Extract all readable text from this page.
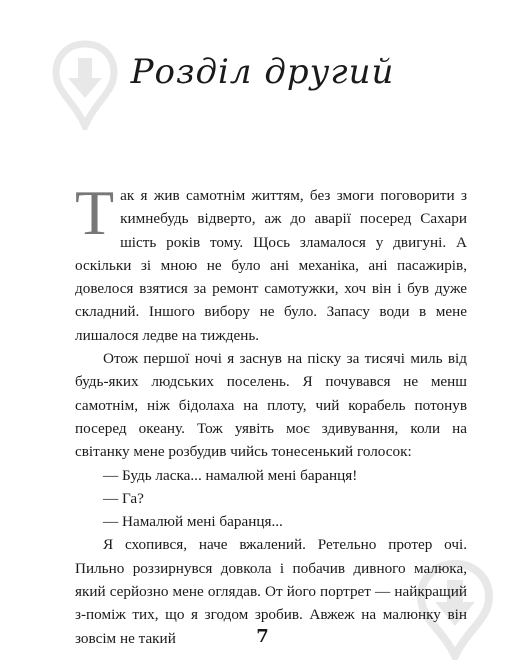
Розділ другий

Так я жив самотнім життям, без змоги поговорити з кимнебудь відверто, аж до аварії посеред Сахари шість років тому. Щось зламалося у двигуні. А оскільки зі мною не було ані механіка, ані пасажирів, довелося взятися за ремонт самотужки, хоч він і був дуже складний. Іншого вибору не було. Запасу води в мене лишалося ледве на тиждень.

Отож першої ночі я заснув на піску за тисячі миль від будь-яких людських поселень. Я почувався не менш самотнім, ніж бідолаха на плоту, чий корабель потонув посеред океану. Тож уявіть моє здивування, коли на світанку мене розбудив чийсь тонесенький голосок:

— Будь ласка... намалюй мені баранця!

— Га?

— Намалюй мені баранця...

Я схопився, наче вжалений. Ретельно протер очі. Пильно роззирнувся довкола і побачив дивного малюка, який серйозно мене оглядав. От його портрет — найкращий з-поміж тих, що я згодом зробив. Авжеж на малюнку він зовсім не такий	7
